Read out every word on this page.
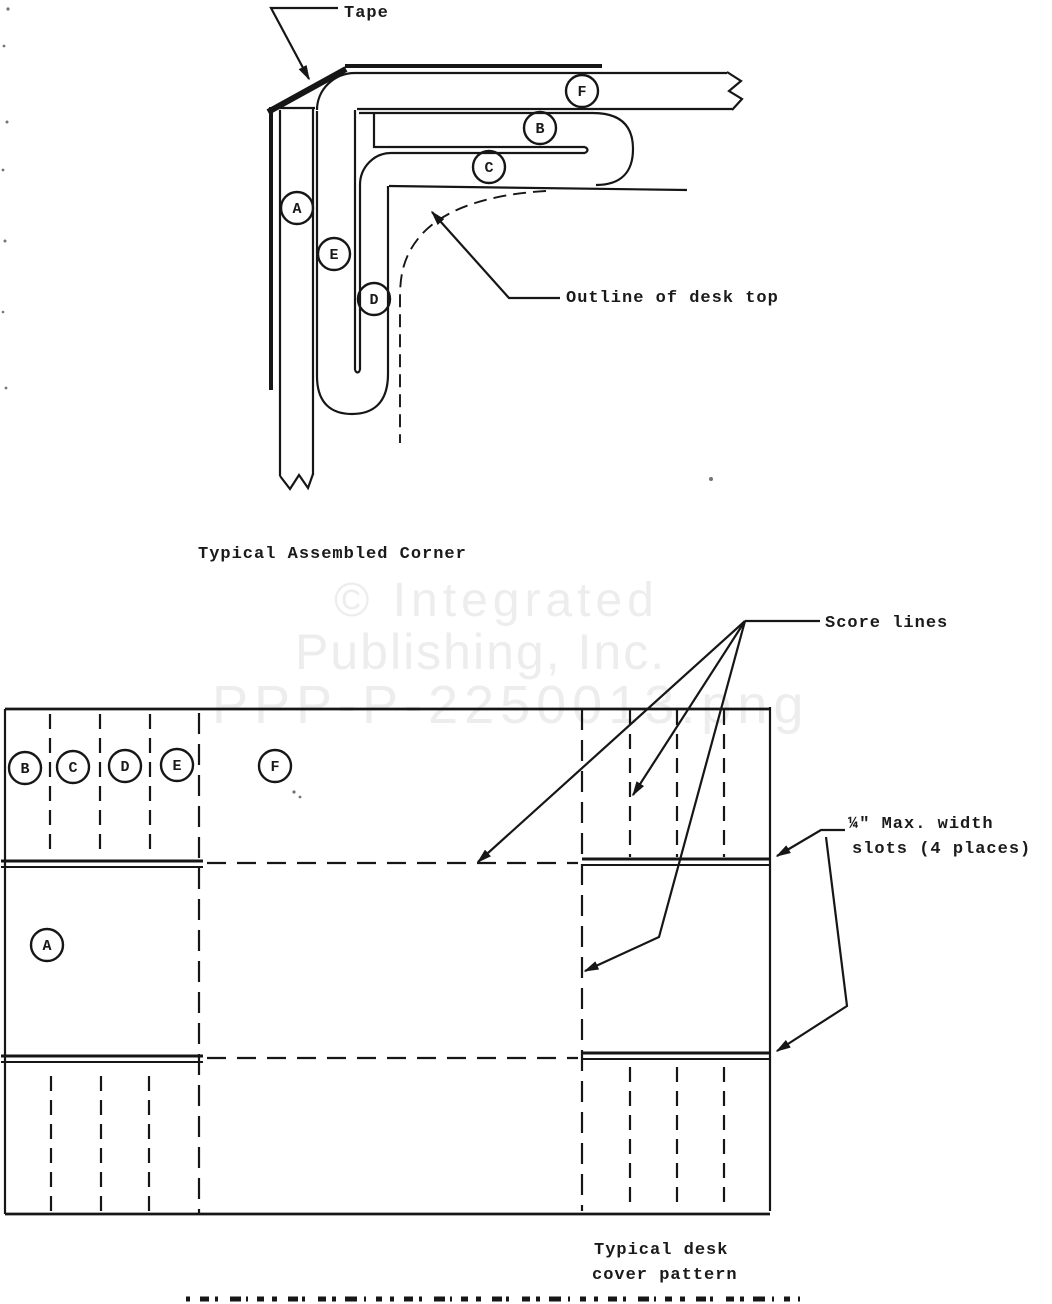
© Integrated
Publishing, Inc.
PPP-P-2250013.png
A
E
D
B
C
F
Tape
Outline of desk top
Typical Assembled Corner
B	C	D	E	F
A
Score lines
¼" Max. width
slots (4 places)
Typical desk
cover pattern
